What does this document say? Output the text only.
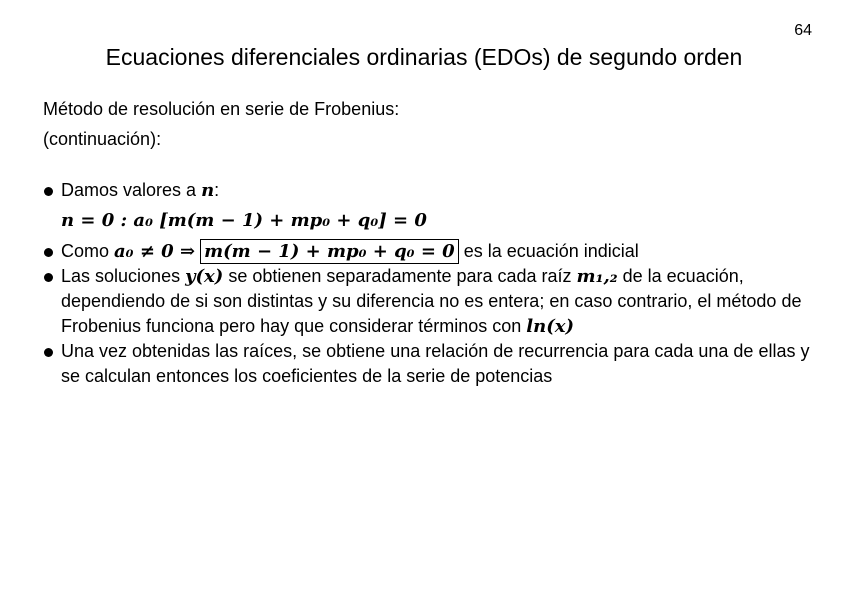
64
Ecuaciones diferenciales ordinarias (EDOs) de segundo orden

Método de resolución en serie de Frobenius:

(continuación):

Damos valores a n:
n = 0 : a₀ [m(m − 1) + mp₀ + q₀] = 0
Como a₀ ≠ 0 ⇒ m(m − 1) + mp₀ + q₀ = 0 es la ecuación indicial
Las soluciones y(x) se obtienen separadamente para cada raíz m₁,₂ de la ecuación, dependiendo de si son distintas y su diferencia no es entera; en caso contrario, el método de Frobenius funciona pero hay que considerar términos con ln(x)
Una vez obtenidas las raíces, se obtiene una relación de recurrencia para cada una de ellas y se calculan entonces los coeficientes de la serie de potencias
